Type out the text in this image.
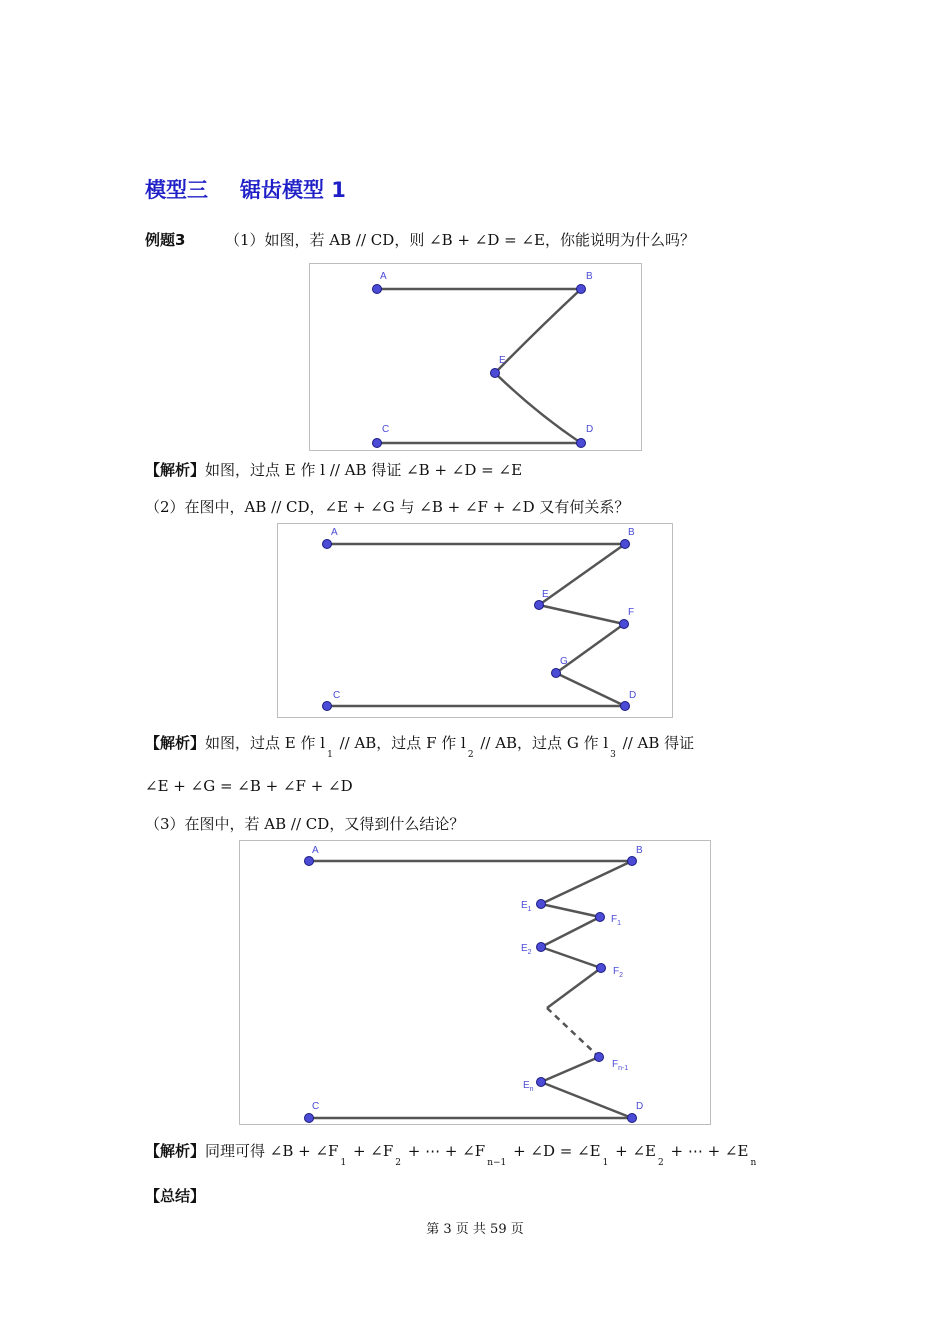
模型三 锯齿模型 1
例题3	（1）如图，若 AB // CD，则 ∠B + ∠D = ∠E，你能说明为什么吗？
A	B
E
C	D
【解析】如图，过点 E 作 l // AB 得证 ∠B + ∠D = ∠E
（2）在图中，AB // CD，∠E + ∠G 与 ∠B + ∠F + ∠D 又有何关系？
A	B
E
F
G
C	D
【解析】如图，过点 E 作 $l_1$ // AB，过点 F 作 $l_2$ // AB，过点 G 作 $l_3$ // AB 得证
∠E + ∠G = ∠B + ∠F + ∠D
（3）在图中，若 AB // CD，又得到什么结论？
A	B
$E_1$
$F_1$
$E_2$
$F_2$
$F_{n-1}$
$E_n$
C	D
【解析】同理可得 ∠B + $\angle F_1$ + $\angle F_2$ + ⋯ + $\angle F_{n-1}$ + ∠D = $\angle E_1$ + $\angle E_2$ + ⋯ + $\angle E_n$
【总结】
第 3 页 共 59 页
